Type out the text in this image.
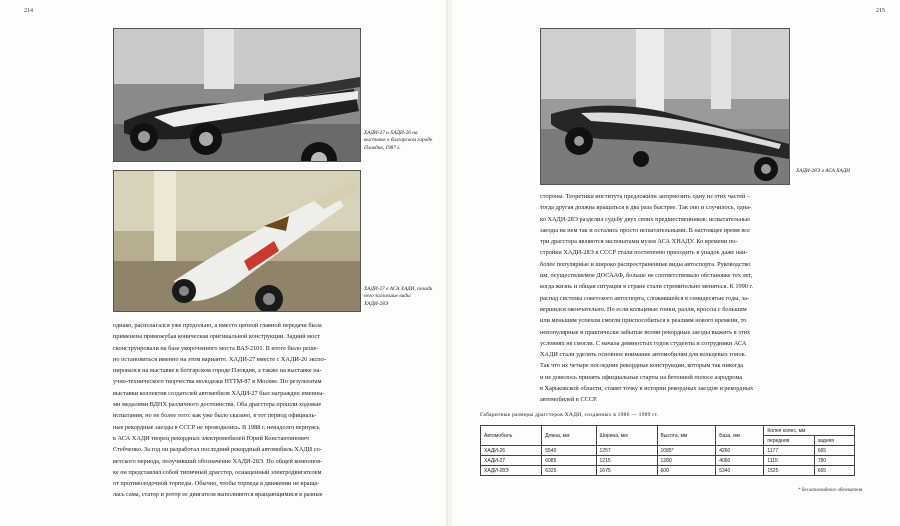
214
ХАДИ-27 и ХАДИ-26 на выставке в болгарском городе Пловдив, 1987 г.
ХАДИ-27 в АСА ХАДИ, позади него заглохшие виды ХАДИ-28Э

однако, располагался уже продольно, а вместо цепной главной передачи была

применена пряможубая коническая оригинальной конструкции. Задний мост

сконструировали на базе укороченного моста ВАЗ-2101. В итоге было реше-

но остановиться именно на этом варианте. ХАДИ-27 вместе с ХАДИ-26 экспо-

нировался на выставке в болгарском городе Пловдив, а также на выставке на-

учно-технического творчества молодежи НТТМ-87 в Москве. По результатам

выставки коллектив создателей автомобиля ХАДИ-27 был награжден именны-

ми медалями ВДНХ различного достоинства. Оба драгстера прошли ходовые

испытания, но не более того: как уже было сказано, в тот период официаль-

ные рекордные заезды в СССР не проводились. В 1988 г. ненадолго вернуясь

в АСА ХАДИ творец рекордных электромобилей Юрий Константинович

Стебченко. За год он разработал последний рекордный автомобиль ХАДИ со-

ветского периода, получивший обозначение ХАДИ-28Э. По общей компонов-

ке он представлял собой типичный драгстер, оснащенный электродвигателем

от противолодочной торпеды. Обычно, чтобы торпеда в движении не враща-

лась сама, статор и ротор ее двигателя выполняются вращающимися в разные

215
ХАДИ-28Э в АСА ХАДИ

стороны. Теоретики института предложили затормозить одну из этих частей –

тогда другая должна вращаться в два раза быстрее. Так оно и случилось, одна-

ко ХАДИ-28Э разделил судьбу двух своих предшественников: испытательные

заезды на нем так и остались просто испытательными. В настоящее время все

три драгстера являются экспонатами музея АСА ХНАДУ. Ко времени по-

стройки ХАДИ-28Э в СССР стали постепенно приходить в упадок даже наи-

более популярные и широко распространенные виды автоспорта. Руководство

им, осуществляемое ДОСААФ, больше не соответствовало обстановке тех лет,

когда жизнь и общая ситуация в стране стали стремительно меняться. К 1990 г.

распад системы советского автоспорта, сложившейся в семидесятые годы, за-

вершился окончательно. Но если кольцевые гонки, ралли, кроссы с большим

или меньшим успехом смогли приспособиться к реалиям нового времени, то

непопулярные и практически забытые всеми рекордные заезды выжить в этих

условиях не смогли. С начала девяностых годов студенты и сотрудники АСА

ХАДИ стали уделять основное внимание автомобилям для кольцевых гонок.

Так что их четыре последние рекордные конструкции, которым так никогда

и не довелось принять официальные старты на бетонной полосе аэродрома

в Харьковской области, ставят точку в истории рекордных заездов и рекордных

автомобилей в СССР.

Габаритные размеры драгстеров ХАДИ, созданных в 1986 — 1989 гг.
Автомобиль	Длина, мм	Ширина, мм	Высота, мм	База, мм	Колея колес, мм	
					передняя	задняя
ХАДИ-26	5540	1257	1085*	4260	1177	665
ХАДИ-27	6085	1215	1280	4060	1115	780
ХАДИ-28Э	6325	1675	600	5340	1525	665
* без каплевидного обтекателя
